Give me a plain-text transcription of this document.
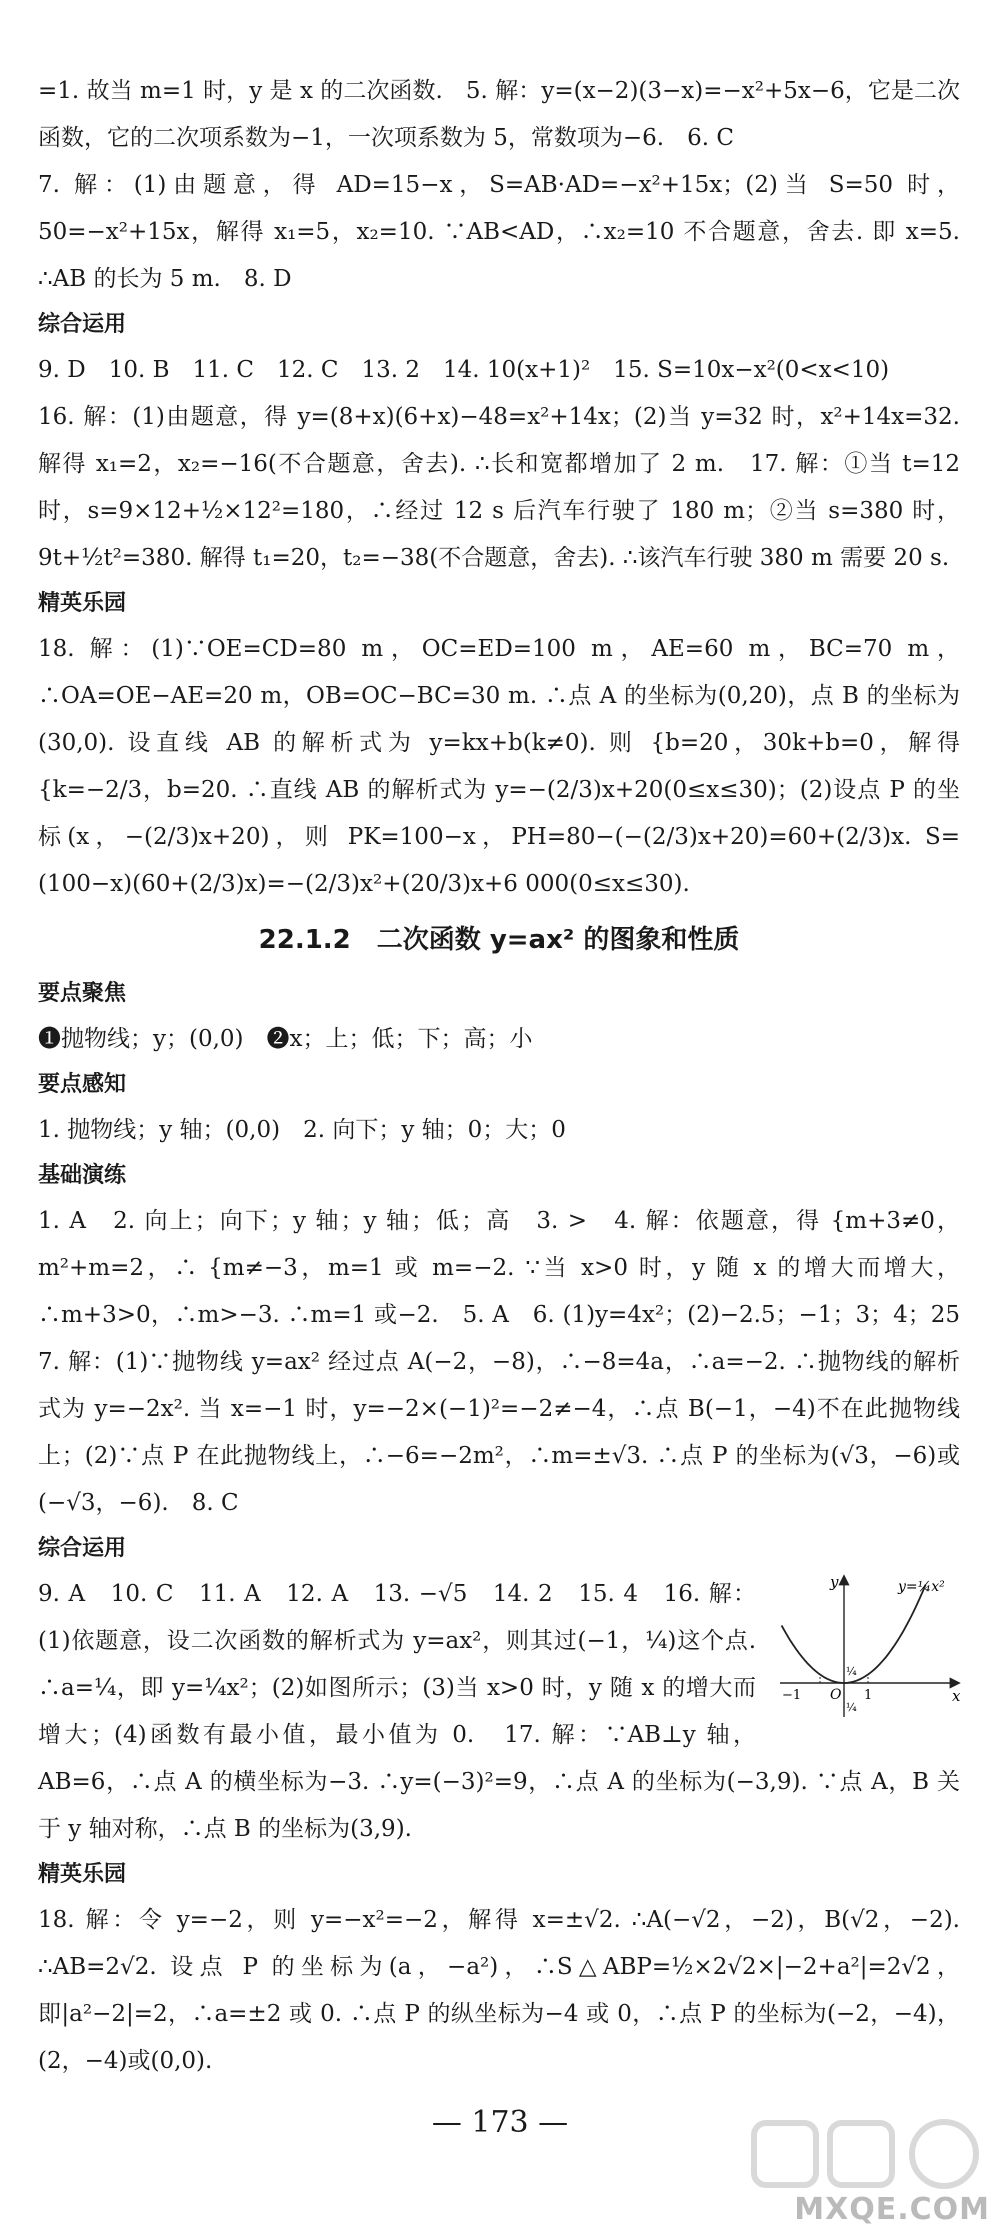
=1. 故当 m=1 时，y 是 x 的二次函数.　5. 解：y=(x−2)(3−x)=−x²+5x−6，它是二次函数，它的二次项系数为−1，一次项系数为 5，常数项为−6.　6. C

7. 解：(1)由题意，得 AD=15−x，S=AB·AD=−x²+15x；(2)当 S=50 时，50=−x²+15x，解得 x₁=5，x₂=10. ∵AB<AD，∴x₂=10 不合题意，舍去. 即 x=5. ∴AB 的长为 5 m.　8. D

综合运用

9. D　10. B　11. C　12. C　13. 2　14. 10(x+1)²　15. S=10x−x²(0<x<10)

16. 解：(1)由题意，得 y=(8+x)(6+x)−48=x²+14x；(2)当 y=32 时，x²+14x=32. 解得 x₁=2，x₂=−16(不合题意，舍去). ∴长和宽都增加了 2 m.　17. 解：①当 t=12 时，s=9×12+½×12²=180，∴经过 12 s 后汽车行驶了 180 m；②当 s=380 时，9t+½t²=380. 解得 t₁=20，t₂=−38(不合题意，舍去). ∴该汽车行驶 380 m 需要 20 s.

精英乐园

18. 解：(1)∵OE=CD=80 m，OC=ED=100 m，AE=60 m，BC=70 m，∴OA=OE−AE=20 m，OB=OC−BC=30 m. ∴点 A 的坐标为(0,20)，点 B 的坐标为(30,0). 设直线 AB 的解析式为 y=kx+b(k≠0). 则 {b=20，30k+b=0，解得 {k=−2/3，b=20. ∴直线 AB 的解析式为 y=−(2/3)x+20(0≤x≤30)；(2)设点 P 的坐标(x，−(2/3)x+20)，则 PK=100−x，PH=80−(−(2/3)x+20)=60+(2/3)x. S=(100−x)(60+(2/3)x)=−(2/3)x²+(20/3)x+6 000(0≤x≤30).

22.1.2　二次函数 y=ax² 的图象和性质
要点聚焦

❶抛物线；y；(0,0)　❷x；上；低；下；高；小

要点感知

1. 抛物线；y 轴；(0,0)　2. 向下；y 轴；0；大；0

基础演练

1. A　2. 向上；向下；y 轴；y 轴；低；高　3. >　4. 解：依题意，得 {m+3≠0，m²+m=2，∴ {m≠−3，m=1 或 m=−2. ∵当 x>0 时，y 随 x 的增大而增大，∴m+3>0，∴m>−3. ∴m=1 或−2.　5. A　6. (1)y=4x²；(2)−2.5；−1；3；4；25　7. 解：(1)∵抛物线 y=ax² 经过点 A(−2，−8)，∴−8=4a，∴a=−2. ∴抛物线的解析式为 y=−2x². 当 x=−1 时，y=−2×(−1)²=−2≠−4，∴点 B(−1，−4)不在此抛物线上；(2)∵点 P 在此抛物线上，∴−6=−2m²，∴m=±√3. ∴点 P 的坐标为(√3，−6)或(−√3，−6).　8. C

综合运用
y=¼x²
y
x
O
−1	1
¼
¼

9. A　10. C　11. A　12. A　13. −√5　14. 2　15. 4　16. 解：(1)依题意，设二次函数的解析式为 y=ax²，则其过(−1，¼)这个点. ∴a=¼，即 y=¼x²；(2)如图所示；(3)当 x>0 时，y 随 x 的增大而增大；(4)函数有最小值，最小值为 0.　17. 解：∵AB⊥y 轴，AB=6，∴点 A 的横坐标为−3. ∴y=(−3)²=9，∴点 A 的坐标为(−3,9). ∵点 A，B 关于 y 轴对称，∴点 B 的坐标为(3,9).

精英乐园

18. 解：令 y=−2，则 y=−x²=−2，解得 x=±√2. ∴A(−√2，−2)，B(√2，−2). ∴AB=2√2. 设点 P 的坐标为(a，−a²)，∴S△ABP=½×2√2×|−2+a²|=2√2，即|a²−2|=2，∴a=±2 或 0. ∴点 P 的纵坐标为−4 或 0，∴点 P 的坐标为(−2，−4)，(2，−4)或(0,0).

— 173 —
MXQE.COM
